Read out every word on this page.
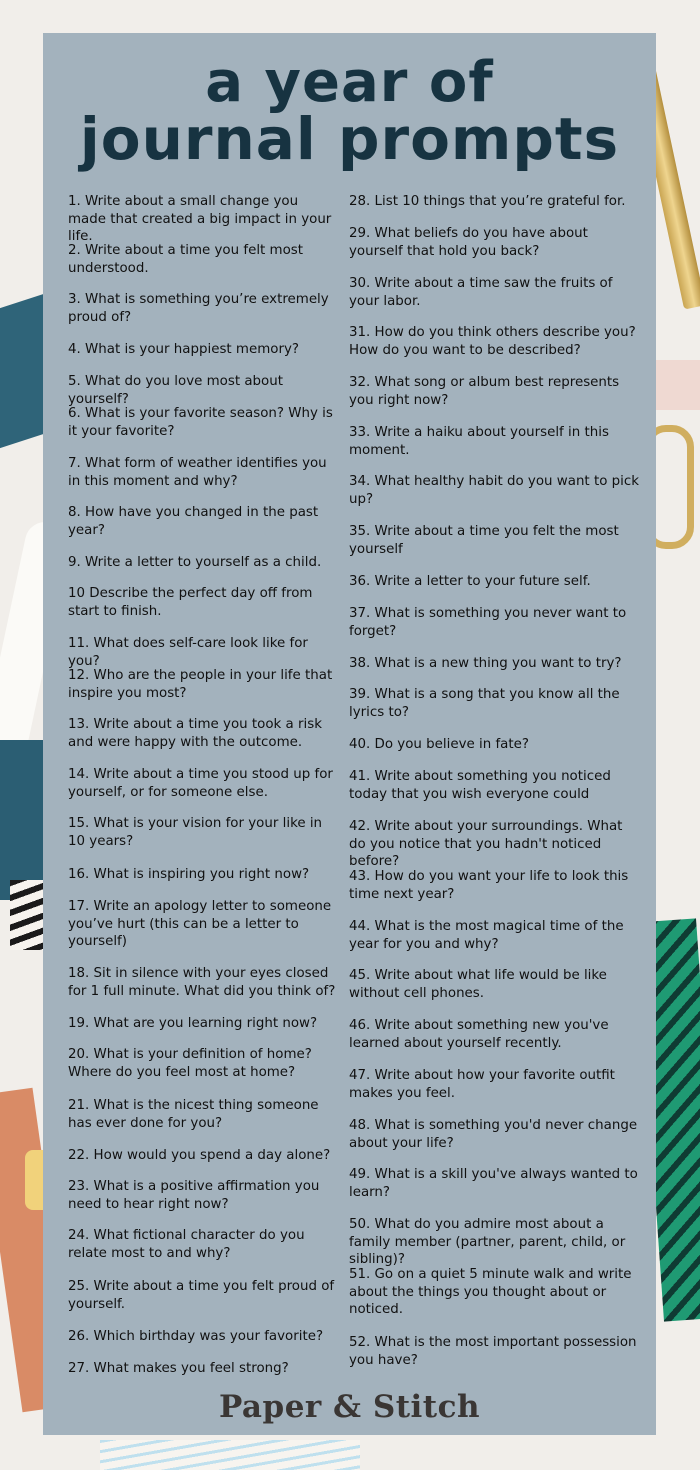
a year of
journal prompts
1. Write about a small change you made that created a big impact in your life.
2. Write about a time you felt most understood.
3. What is something you’re extremely proud of?
4. What is your happiest memory?
5. What do you love most about yourself?
6. What is your favorite season? Why is it your favorite?
7. What form of weather identifies you in this moment and why?
8. How have you changed in the past year?
9. Write a letter to yourself as a child.
10 Describe the perfect day off from start to finish.
11. What does self-care look like for you?
12. Who are the people in your life that inspire you most?
13. Write about a time you took a risk and were happy with the outcome.
14. Write about a time you stood up for yourself, or for someone else.
15. What is your vision for your like in 10 years?
16. What is inspiring you right now?
17. Write an apology letter to someone you’ve hurt (this can be a letter to yourself)
18. Sit in silence with your eyes closed for 1 full minute. What did you think of?
19. What are you learning right now?
20. What is your definition of home? Where do you feel most at home?
21. What is the nicest thing someone has ever done for you?
22. How would you spend a day alone?
23. What is a positive affirmation you need to hear right now?
24. What fictional character do you relate most to and why?
25. Write about a time you felt proud of yourself.
26. Which birthday was your favorite?
27. What makes you feel strong?
28. List 10 things that you’re grateful for.
29. What beliefs do you have about yourself that hold you back?
30. Write about a time saw the fruits of your labor.
31. How do you think others describe you? How do you want to be described?
32. What song or album best represents you right now?
33. Write a haiku about yourself in this moment.
34. What healthy habit do you want to pick up?
35. Write about a time you felt the most yourself
36. Write a letter to your future self.
37. What is something you never want to forget?
38. What is a new thing you want to try?
39. What is a song that you know all the lyrics to?
40. Do you believe in fate?
41. Write about something you noticed today that you wish everyone could
42. Write about your surroundings. What do you notice that you hadn't noticed before?
43. How do you want your life to look this time next year?
44. What is the most magical time of the year for you and why?
45. Write about what life would be like without cell phones.
46. Write about something new you've learned about yourself recently.
47. Write about how your favorite outfit makes you feel.
48. What is something you'd never change about your life?
49. What is a skill you've always wanted to learn?
50. What do you admire most about a family member (partner, parent, child, or sibling)?
51. Go on a quiet 5 minute walk and write about the things you thought about or noticed.
52. What is the most important possession you have?
Paper & Stitch
